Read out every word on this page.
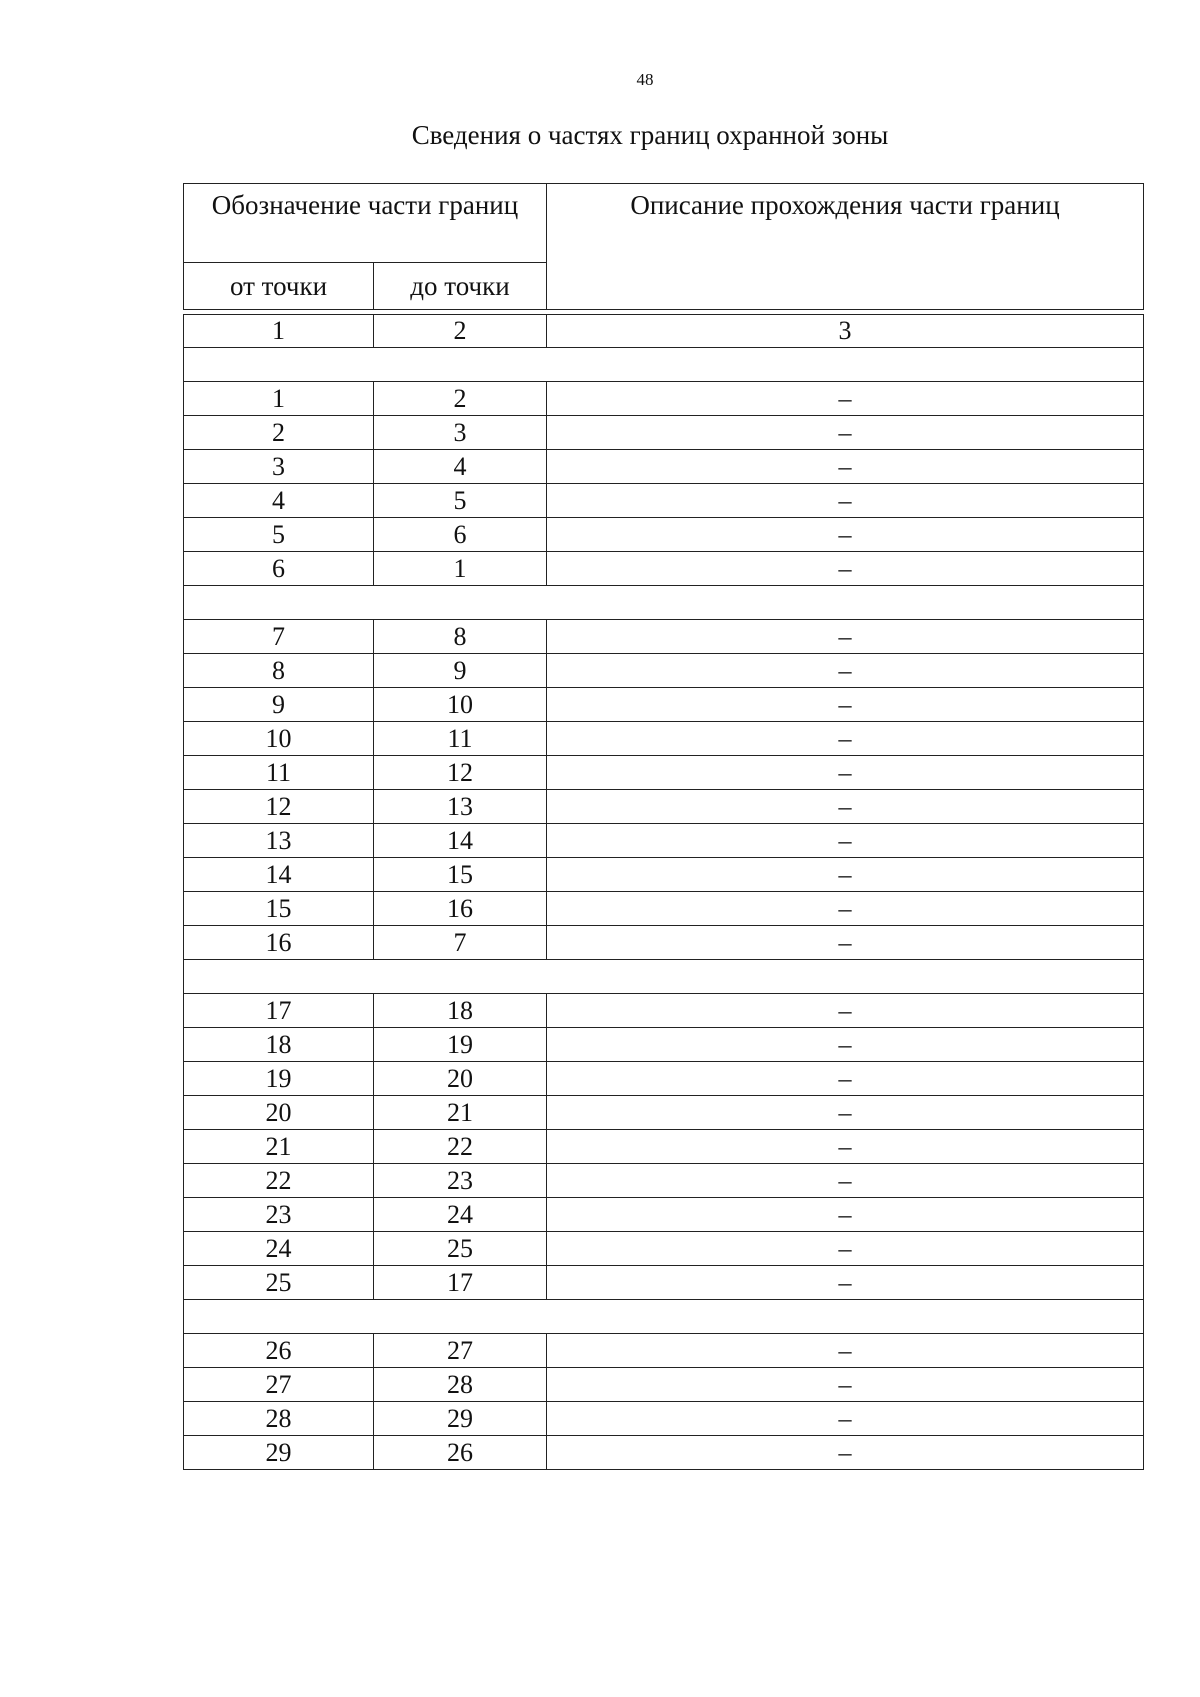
48
Сведения о частях границ охранной зоны
Обозначение части границ		Описание прохождения части границ
от точки	до точки	

1	2	3

1	2	–
2	3	–
3	4	–
4	5	–
5	6	–
6	1	–

7	8	–
8	9	–
9	10	–
10	11	–
11	12	–
12	13	–
13	14	–
14	15	–
15	16	–
16	7	–

17	18	–
18	19	–
19	20	–
20	21	–
21	22	–
22	23	–
23	24	–
24	25	–
25	17	–

26	27	–
27	28	–
28	29	–
29	26	–
